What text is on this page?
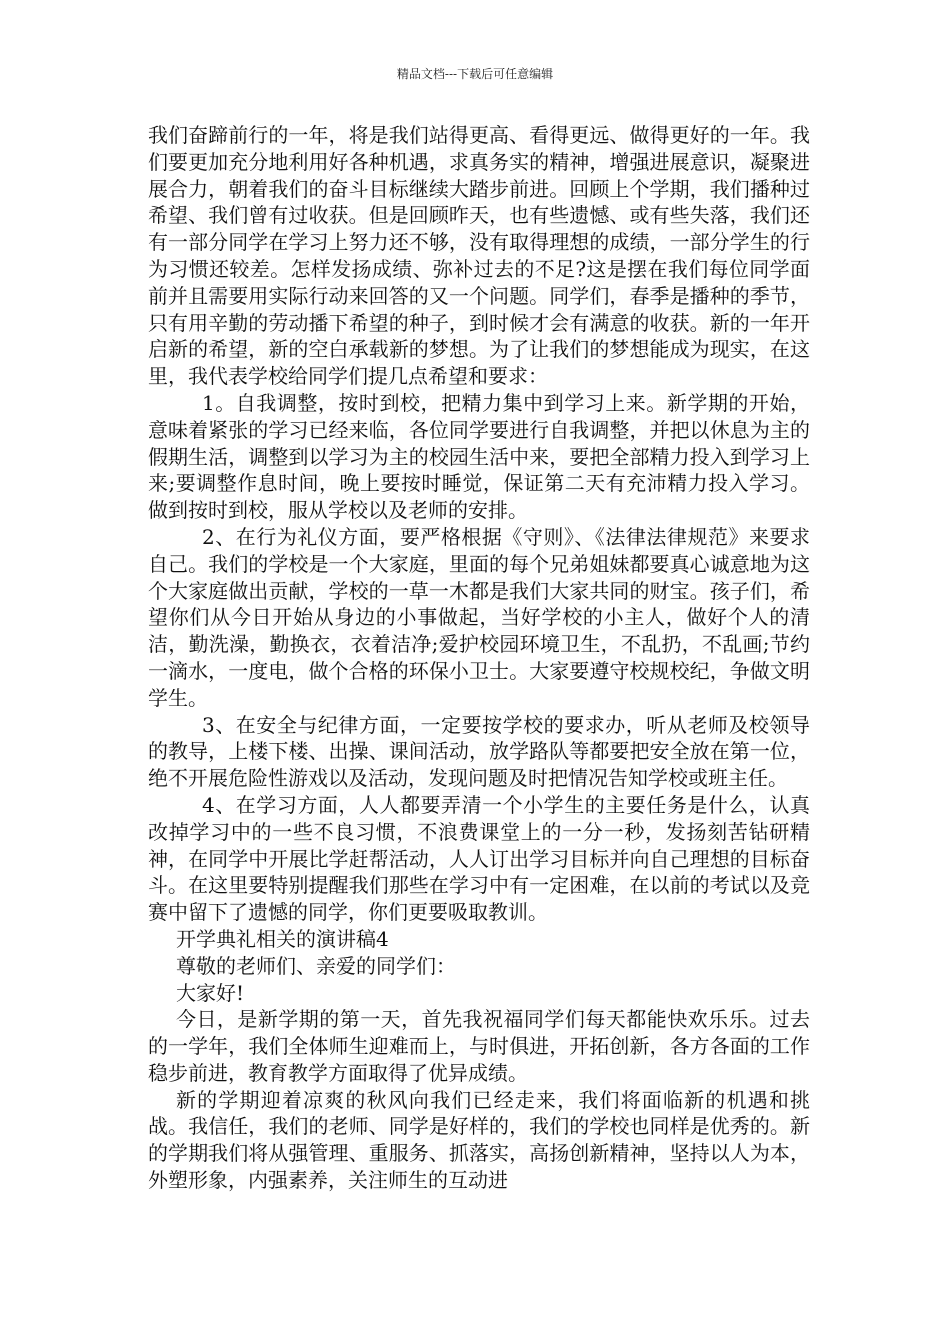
精品文档---下载后可任意编辑

我们奋蹄前行的一年，将是我们站得更高、看得更远、做得更好的一年。我们要更加充分地利用好各种机遇，求真务实的精神，增强进展意识，凝聚进展合力，朝着我们的奋斗目标继续大踏步前进。回顾上个学期，我们播种过希望、我们曾有过收获。但是回顾昨天，也有些遗憾、或有些失落，我们还有一部分同学在学习上努力还不够，没有取得理想的成绩，一部分学生的行为习惯还较差。怎样发扬成绩、弥补过去的不足?这是摆在我们每位同学面前并且需要用实际行动来回答的又一个问题。同学们，春季是播种的季节，只有用辛勤的劳动播下希望的种子，到时候才会有满意的收获。新的一年开启新的希望，新的空白承载新的梦想。为了让我们的梦想能成为现实，在这里，我代表学校给同学们提几点希望和要求：

1。自我调整，按时到校，把精力集中到学习上来。新学期的开始，意味着紧张的学习已经来临，各位同学要进行自我调整，并把以休息为主的假期生活，调整到以学习为主的校园生活中来，要把全部精力投入到学习上来;要调整作息时间，晚上要按时睡觉，保证第二天有充沛精力投入学习。做到按时到校，服从学校以及老师的安排。

2、在行为礼仪方面，要严格根据《守则》、《法律法律规范》来要求自己。我们的学校是一个大家庭，里面的每个兄弟姐妹都要真心诚意地为这个大家庭做出贡献，学校的一草一木都是我们大家共同的财宝。孩子们，希望你们从今日开始从身边的小事做起，当好学校的小主人，做好个人的清洁，勤洗澡，勤换衣，衣着洁净;爱护校园环境卫生，不乱扔，不乱画;节约一滴水，一度电，做个合格的环保小卫士。大家要遵守校规校纪，争做文明学生。

3、在安全与纪律方面，一定要按学校的要求办，听从老师及校领导的教导，上楼下楼、出操、课间活动，放学路队等都要把安全放在第一位，绝不开展危险性游戏以及活动，发现问题及时把情况告知学校或班主任。

4、在学习方面，人人都要弄清一个小学生的主要任务是什么，认真改掉学习中的一些不良习惯，不浪费课堂上的一分一秒，发扬刻苦钻研精神，在同学中开展比学赶帮活动，人人订出学习目标并向自己理想的目标奋斗。在这里要特别提醒我们那些在学习中有一定困难，在以前的考试以及竞赛中留下了遗憾的同学，你们更要吸取教训。

开学典礼相关的演讲稿4

尊敬的老师们、亲爱的同学们：

大家好!

今日，是新学期的第一天，首先我祝福同学们每天都能快欢乐乐。过去的一学年，我们全体师生迎难而上，与时俱进，开拓创新，各方各面的工作稳步前进，教育教学方面取得了优异成绩。

新的学期迎着凉爽的秋风向我们已经走来，我们将面临新的机遇和挑战。我信任，我们的老师、同学是好样的，我们的学校也同样是优秀的。新的学期我们将从强管理、重服务、抓落实，高扬创新精神，坚持以人为本，外塑形象，内强素养，关注师生的互动进
